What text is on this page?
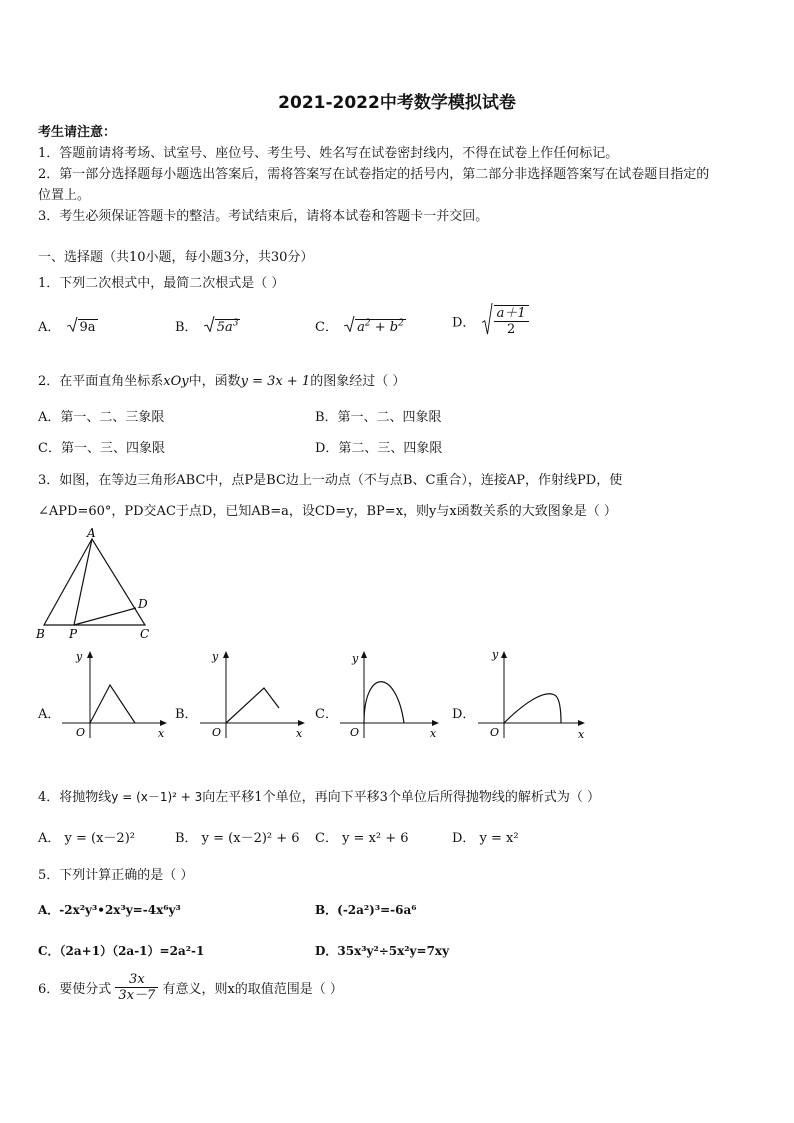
2021-2022中考数学模拟试卷
考生请注意：
1．答题前请将考场、试室号、座位号、考生号、姓名写在试卷密封线内，不得在试卷上作任何标记。
2．第一部分选择题每小题选出答案后，需将答案写在试卷指定的括号内，第二部分非选择题答案写在试卷题目指定的
位置上。
3．考生必须保证答题卡的整洁。考试结束后，请将本试卷和答题卡一并交回。
一、选择题（共10小题，每小题3分，共30分）
1．下列二次根式中，最简二次根式是（ ）
A． 9a	B． $5a^3$	C． $a^2 + b^2$	D． $\frac{a+1}{2}$
2．在平面直角坐标系xOy中，函数y = 3x + 1的图象经过（ ）
A．第一、二、三象限	B．第一、二、四象限
C．第一、三、四象限	D．第二、三、四象限
3．如图，在等边三角形ABC中，点P是BC边上一动点（不与点B、C重合），连接AP，作射线PD，使
∠APD=60°，PD交AC于点D，已知AB=a，设CD=y，BP=x，则y与x函数关系的大致图象是（ ）
A
B	C
D
P
A．
y
x
O
B．
y
x
O
C．
y
x
O
D．
y
x
O
4．将抛物线y = (x－1)² + 3向左平移1个单位，再向下平移3个单位后所得抛物线的解析式为（ ）
A． y = (x－2)²	B． y = (x－2)² + 6 C． y = x² + 6	D． y = x²
5．下列计算正确的是（ ）
A．-2x²y³•2x³y=-4x⁶y³	B．(-2a²)³=-6a⁶
C．（2a+1）（2a-1）=2a²-1	D．35x³y²÷5x²y=7xy
6．要使分式 $\frac{3x}{3x-7}$ 有意义，则x的取值范围是（ ）
